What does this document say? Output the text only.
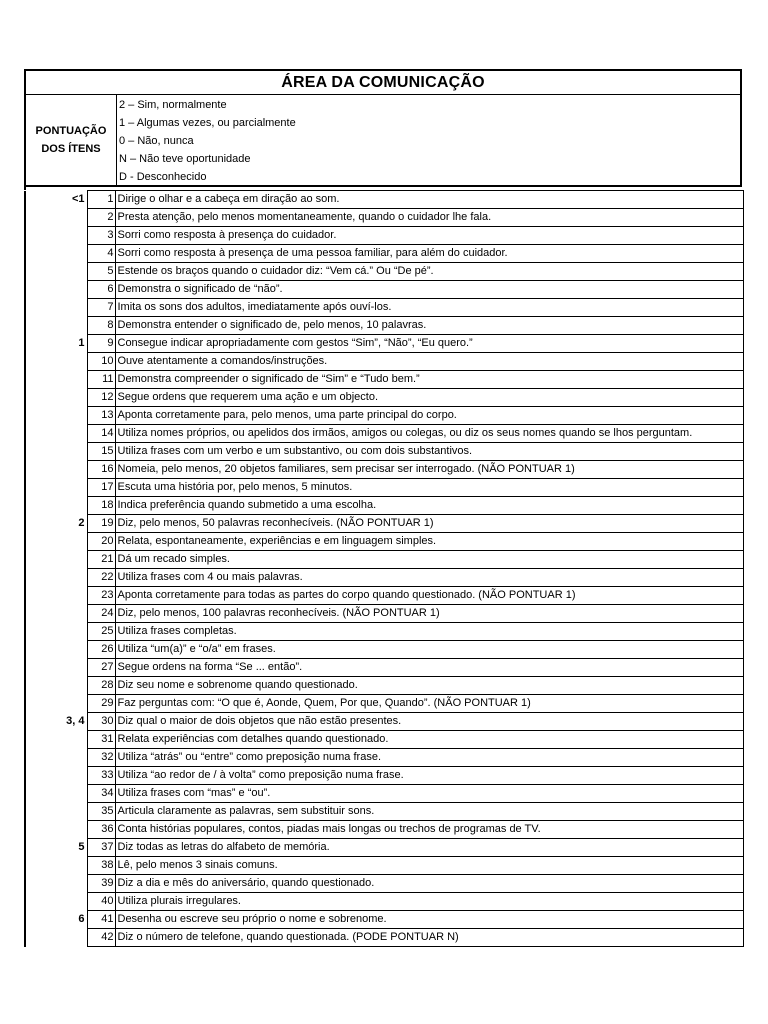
ÁREA DA COMUNICAÇÃO
PONTUAÇÃO
DOS ÍTENS
2 – Sim, normalmente
1 – Algumas vezes, ou parcialmente
0 – Não, nunca
N – Não teve oportunidade
D - Desconhecido
<1	1	Dirige o olhar e a cabeça em diração ao som.
	2	Presta atenção, pelo menos momentaneamente, quando o cuidador lhe fala.
	3	Sorri como resposta à presença do cuidador.
	4	Sorri como resposta à presença de uma pessoa familiar, para além do cuidador.
	5	Estende os braços quando o cuidador diz: “Vem cá.” Ou “De pé”.
	6	Demonstra o significado de “não”.
	7	Imita os sons dos adultos, imediatamente após ouví-los.
	8	Demonstra entender o significado de, pelo menos, 10 palavras.
1	9	Consegue indicar apropriadamente com gestos “Sim”, “Não”, “Eu quero.”
	10	Ouve atentamente a comandos/instruções.
	11	Demonstra compreender o significado de “Sim” e “Tudo bem.”
	12	Segue ordens que requerem uma ação e um objecto.
	13	Aponta corretamente para, pelo menos, uma parte principal do corpo.
	14	Utiliza nomes próprios, ou apelidos dos irmãos, amigos ou colegas, ou diz os seus nomes quando se lhos perguntam.
	15	Utiliza frases com um verbo e um substantivo, ou com dois substantivos.
	16	Nomeia, pelo menos, 20 objetos familiares, sem precisar ser interrogado. (NÃO PONTUAR 1)
	17	Escuta uma história por, pelo menos, 5 minutos.
	18	Indica preferência quando submetido a uma escolha.
2	19	Diz, pelo menos, 50 palavras reconhecíveis. (NÃO PONTUAR 1)
	20	Relata, espontaneamente, experiências e em linguagem simples.
	21	Dá um recado simples.
	22	Utiliza frases com 4 ou mais palavras.
	23	Aponta corretamente para todas as partes do corpo quando questionado. (NÃO PONTUAR 1)
	24	Diz, pelo menos, 100 palavras reconhecíveis. (NÃO PONTUAR 1)
	25	Utiliza frases completas.
	26	Utiliza “um(a)” e “o/a” em frases.
	27	Segue ordens na forma “Se ... então”.
	28	Diz seu nome e sobrenome quando questionado.
	29	Faz perguntas com: “O que é, Aonde, Quem, Por que, Quando”. (NÃO PONTUAR 1)
3, 4	30	Diz qual o maior de dois objetos que não estão presentes.
	31	Relata experiências com detalhes quando questionado.
	32	Utiliza “atrás” ou “entre” como preposição numa frase.
	33	Utiliza “ao redor de / à volta” como preposição numa frase.
	34	Utiliza frases com “mas” e “ou”.
	35	Articula claramente as palavras, sem substituir sons.
	36	Conta histórias populares, contos, piadas mais longas ou trechos de programas de TV.
5	37	Diz todas as letras do alfabeto de memória.
	38	Lê, pelo menos 3 sinais comuns.
	39	Diz a dia e mês do aniversário, quando questionado.
	40	Utiliza plurais irregulares.
6	41	Desenha ou escreve seu próprio o nome e sobrenome.
	42	Diz o número de telefone, quando questionada. (PODE PONTUAR N)
